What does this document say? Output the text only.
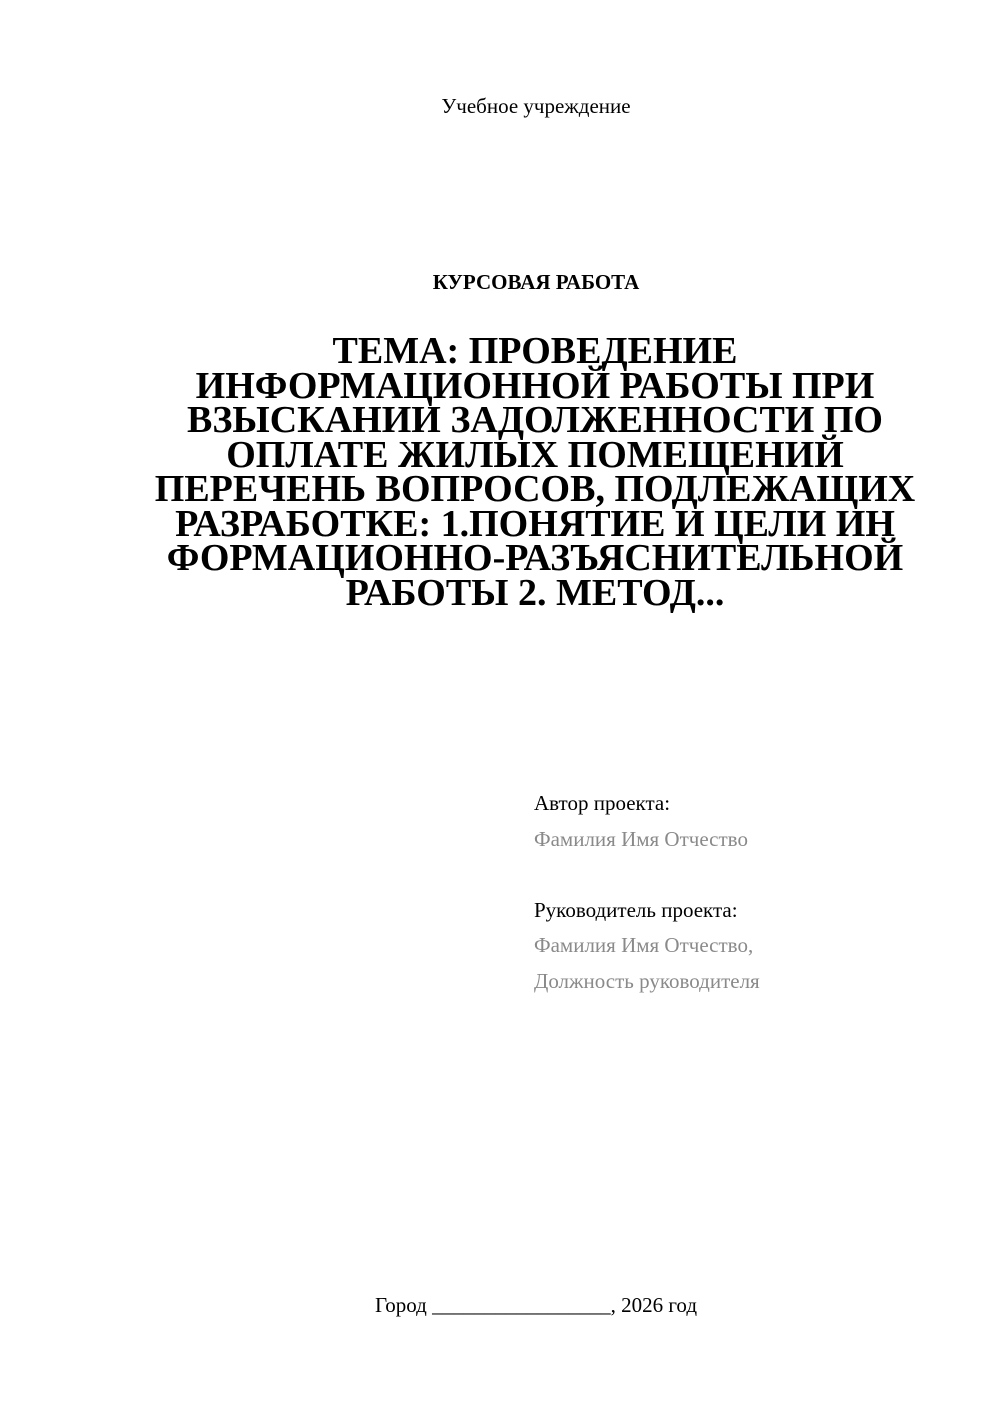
Учебное учреждение
КУРСОВАЯ РАБОТА
ТЕМА: ПРОВЕДЕНИЕ
ИНФОРМАЦИОННОЙ РАБОТЫ ПРИ
ВЗЫСКАНИИ ЗАДОЛЖЕННОСТИ ПО
ОПЛАТЕ ЖИЛЫХ ПОМЕЩЕНИЙ
ПЕРЕЧЕНЬ ВОПРОСОВ, ПОДЛЕЖАЩИХ
РАЗРАБОТКЕ: 1.ПОНЯТИЕ И ЦЕЛИ ИН
ФОРМАЦИОННО-РАЗЪЯСНИТЕЛЬНОЙ
РАБОТЫ 2. МЕТОД...
Автор проекта:
Фамилия Имя Отчество
Руководитель проекта:
Фамилия Имя Отчество,
Должность руководителя
Город _________________, 2026 год
